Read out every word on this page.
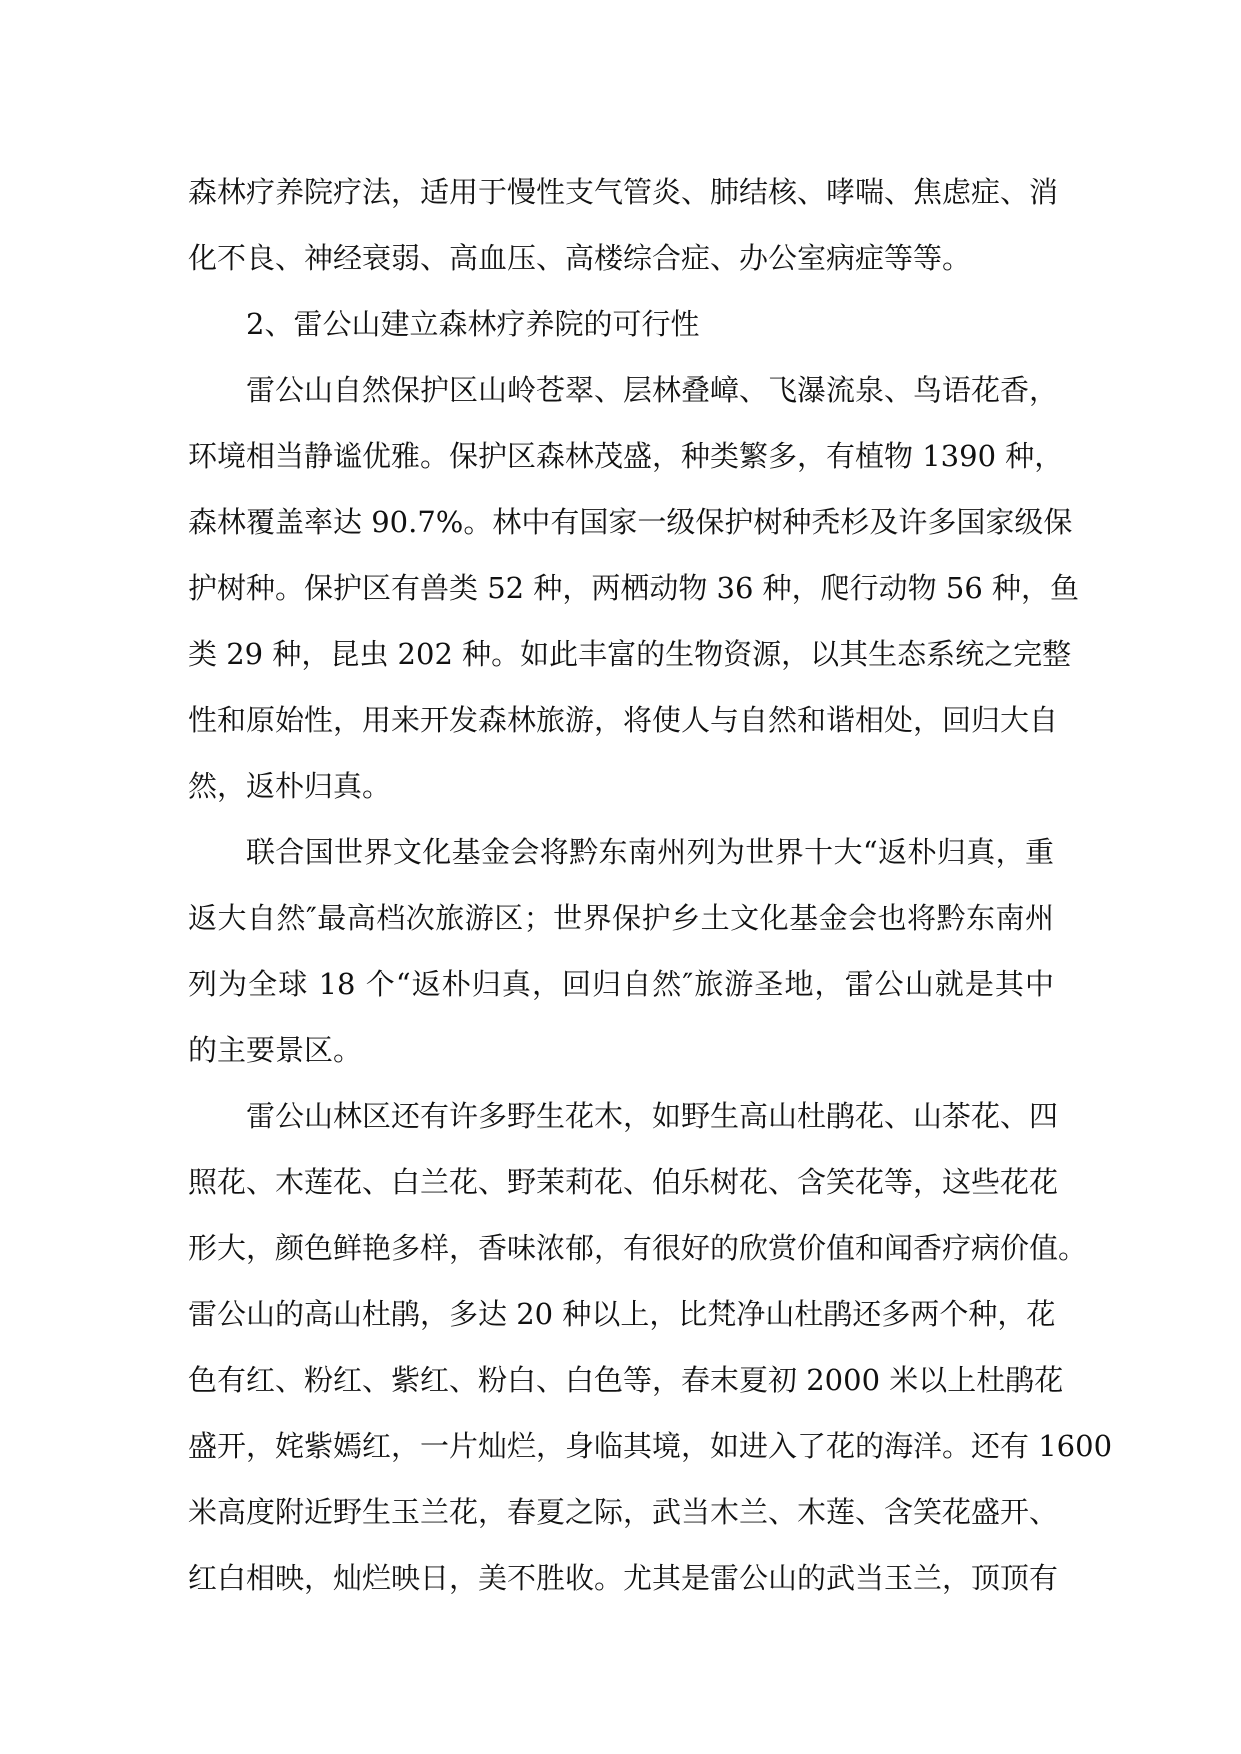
森林疗养院疗法，适用于慢性支气管炎、肺结核、哮喘、焦虑症、消
化不良、神经衰弱、高血压、高楼综合症、办公室病症等等。
2、雷公山建立森林疗养院的可行性
雷公山自然保护区山岭苍翠、层林叠嶂、飞瀑流泉、鸟语花香，
环境相当静谧优雅。保护区森林茂盛，种类繁多，有植物 1390 种，
森林覆盖率达 90.7%。林中有国家一级保护树种秃杉及许多国家级保
护树种。保护区有兽类 52 种，两栖动物 36 种，爬行动物 56 种，鱼
类 29 种，昆虫 202 种。如此丰富的生物资源，以其生态系统之完整
性和原始性，用来开发森林旅游，将使人与自然和谐相处，回归大自
然，返朴归真。
联合国世界文化基金会将黔东南州列为世界十大“返朴归真，重
返大自然″最高档次旅游区；世界保护乡土文化基金会也将黔东南州
列为全球 18 个“返朴归真，回归自然″旅游圣地，雷公山就是其中
的主要景区。
雷公山林区还有许多野生花木，如野生高山杜鹃花、山茶花、四
照花、木莲花、白兰花、野茉莉花、伯乐树花、含笑花等，这些花花
形大，颜色鲜艳多样，香味浓郁，有很好的欣赏价值和闻香疗病价值。
雷公山的高山杜鹃，多达 20 种以上，比梵净山杜鹃还多两个种，花
色有红、粉红、紫红、粉白、白色等，春末夏初 2000 米以上杜鹃花
盛开，姹紫嫣红，一片灿烂，身临其境，如进入了花的海洋。还有 1600
米高度附近野生玉兰花，春夏之际，武当木兰、木莲、含笑花盛开、
红白相映，灿烂映日，美不胜收。尤其是雷公山的武当玉兰，顶顶有
